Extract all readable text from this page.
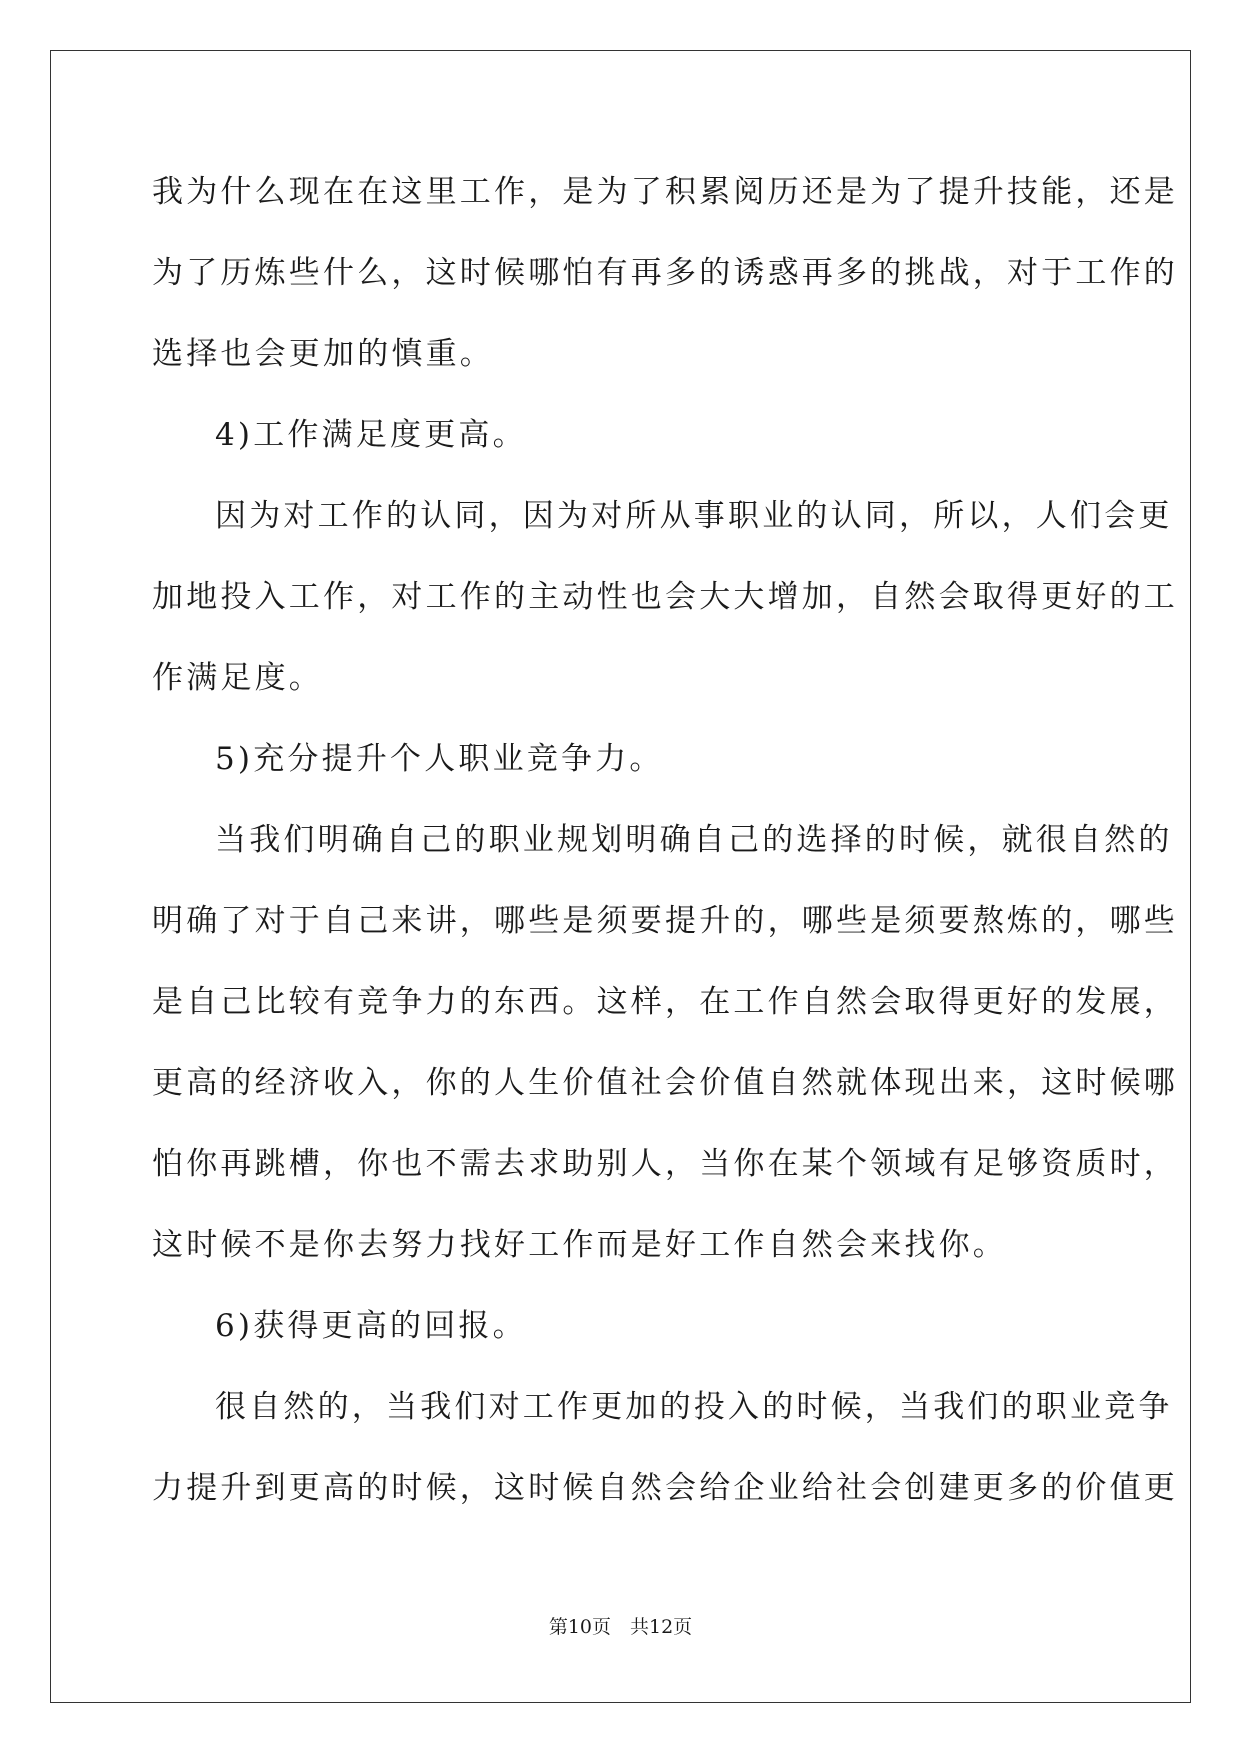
我为什么现在在这里工作，是为了积累阅历还是为了提升技能，还是
为了历炼些什么，这时候哪怕有再多的诱惑再多的挑战，对于工作的
选择也会更加的慎重。
4)工作满足度更高。
因为对工作的认同，因为对所从事职业的认同，所以，人们会更
加地投入工作，对工作的主动性也会大大增加，自然会取得更好的工
作满足度。
5)充分提升个人职业竞争力。
当我们明确自己的职业规划明确自己的选择的时候，就很自然的
明确了对于自己来讲，哪些是须要提升的，哪些是须要熬炼的，哪些
是自己比较有竞争力的东西。这样，在工作自然会取得更好的发展，
更高的经济收入，你的人生价值社会价值自然就体现出来，这时候哪
怕你再跳槽，你也不需去求助别人，当你在某个领域有足够资质时，
这时候不是你去努力找好工作而是好工作自然会来找你。
6)获得更高的回报。
很自然的，当我们对工作更加的投入的时候，当我们的职业竞争
力提升到更高的时候，这时候自然会给企业给社会创建更多的价值更
第10页　共12页
